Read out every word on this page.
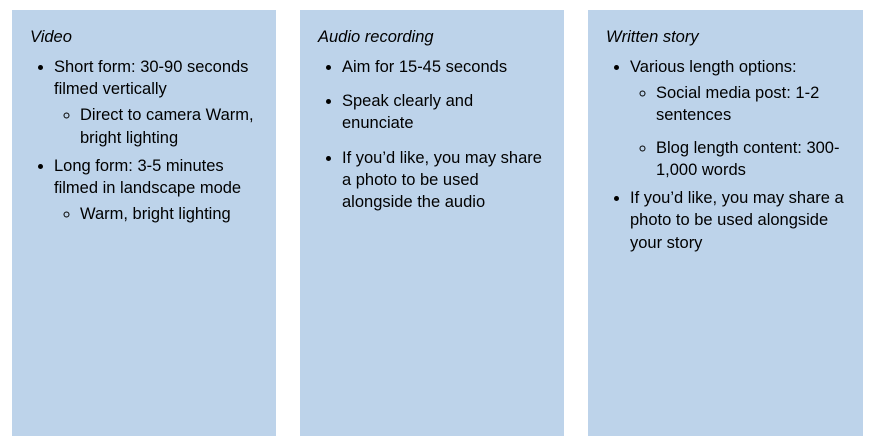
Video
• Short form: 30-90 seconds filmed vertically
◦ Direct to camera Warm, bright lighting
• Long form: 3-5 minutes filmed in landscape mode
◦ Warm, bright lighting
Audio recording
• Aim for 15-45 seconds
• Speak clearly and enunciate
• If you’d like, you may share a photo to be used alongside the audio
Written story
• Various length options:
◦ Social media post: 1-2 sentences
◦ Blog length content: 300-1,000 words
• If you’d like, you may share a photo to be used alongside your story
